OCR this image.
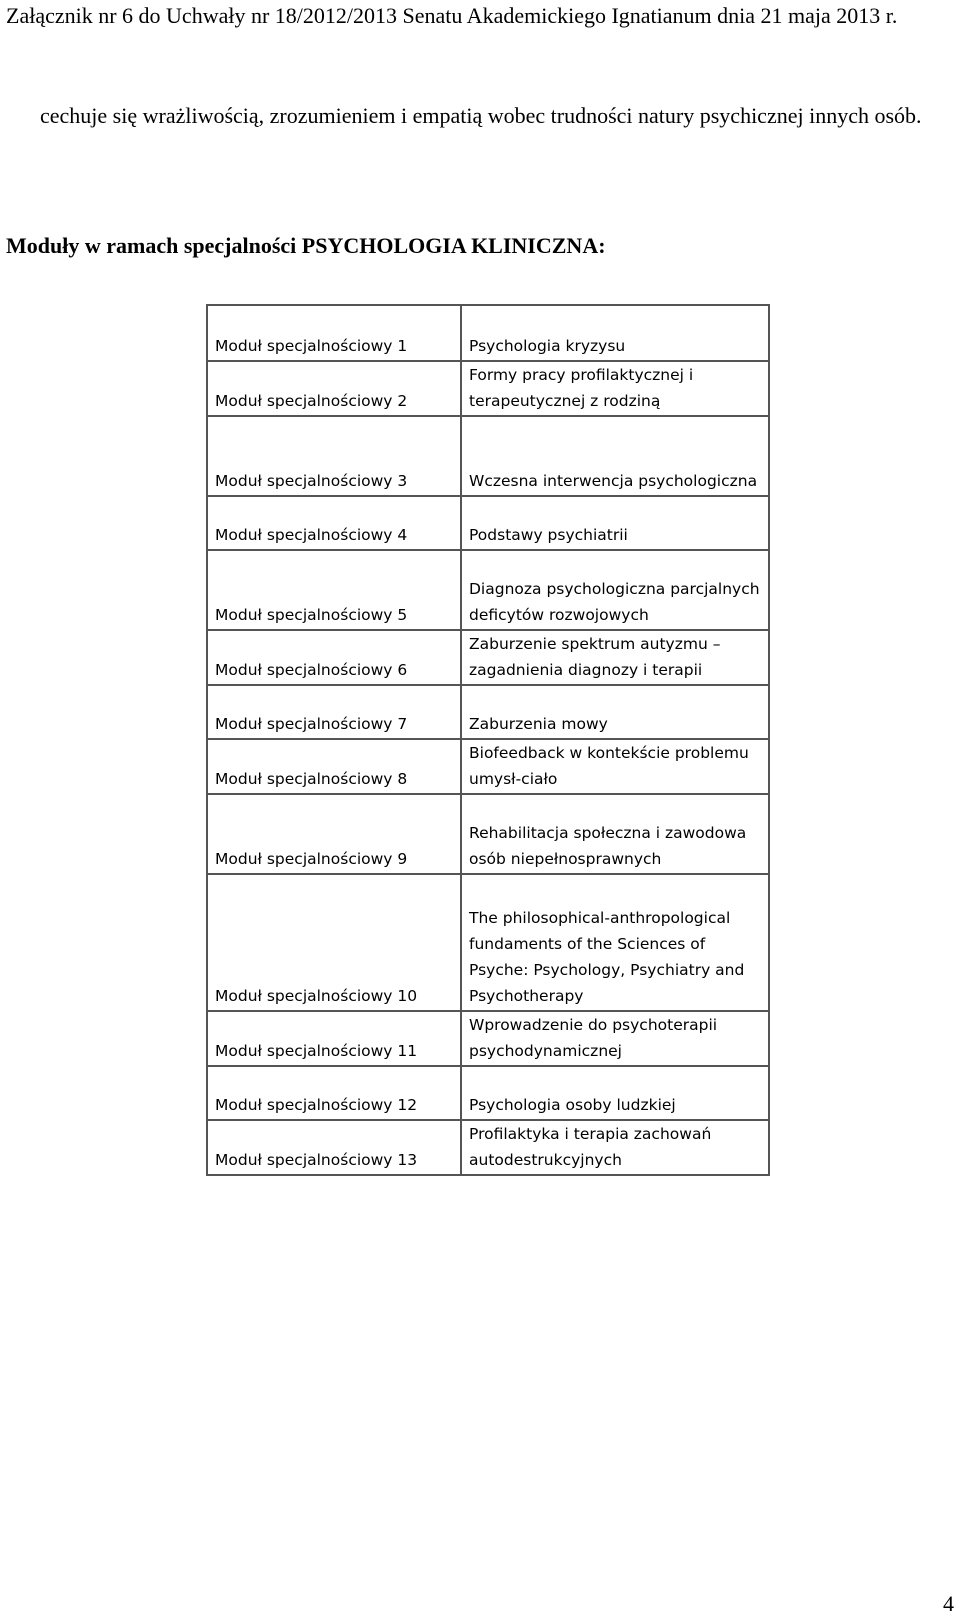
Załącznik nr 6 do Uchwały nr 18/2012/2013 Senatu Akademickiego Ignatianum dnia 21 maja 2013 r.

cechuje się wrażliwością, zrozumieniem i empatią wobec trudności natury psychicznej innych osób.

Moduły w ramach specjalności PSYCHOLOGIA KLINICZNA:

Moduł specjalnościowy 1	Psychologia kryzysu
Moduł specjalnościowy 2	Formy pracy profilaktycznej i terapeutycznej z rodziną
Moduł specjalnościowy 3	Wczesna interwencja psychologiczna
Moduł specjalnościowy 4	Podstawy psychiatrii
Moduł specjalnościowy 5	Diagnoza psychologiczna parcjalnych deficytów rozwojowych
Moduł specjalnościowy 6	Zaburzenie spektrum autyzmu – zagadnienia diagnozy i terapii
Moduł specjalnościowy 7	Zaburzenia mowy
Moduł specjalnościowy 8	Biofeedback w kontekście problemu umysł-ciało
Moduł specjalnościowy 9	Rehabilitacja społeczna i zawodowa osób niepełnosprawnych
Moduł specjalnościowy 10	The philosophical-anthropological fundaments of the Sciences of Psyche: Psychology, Psychiatry and Psychotherapy
Moduł specjalnościowy 11	Wprowadzenie do psychoterapii psychodynamicznej
Moduł specjalnościowy 12	Psychologia osoby ludzkiej
Moduł specjalnościowy 13	Profilaktyka i terapia zachowań autodestrukcyjnych
4
